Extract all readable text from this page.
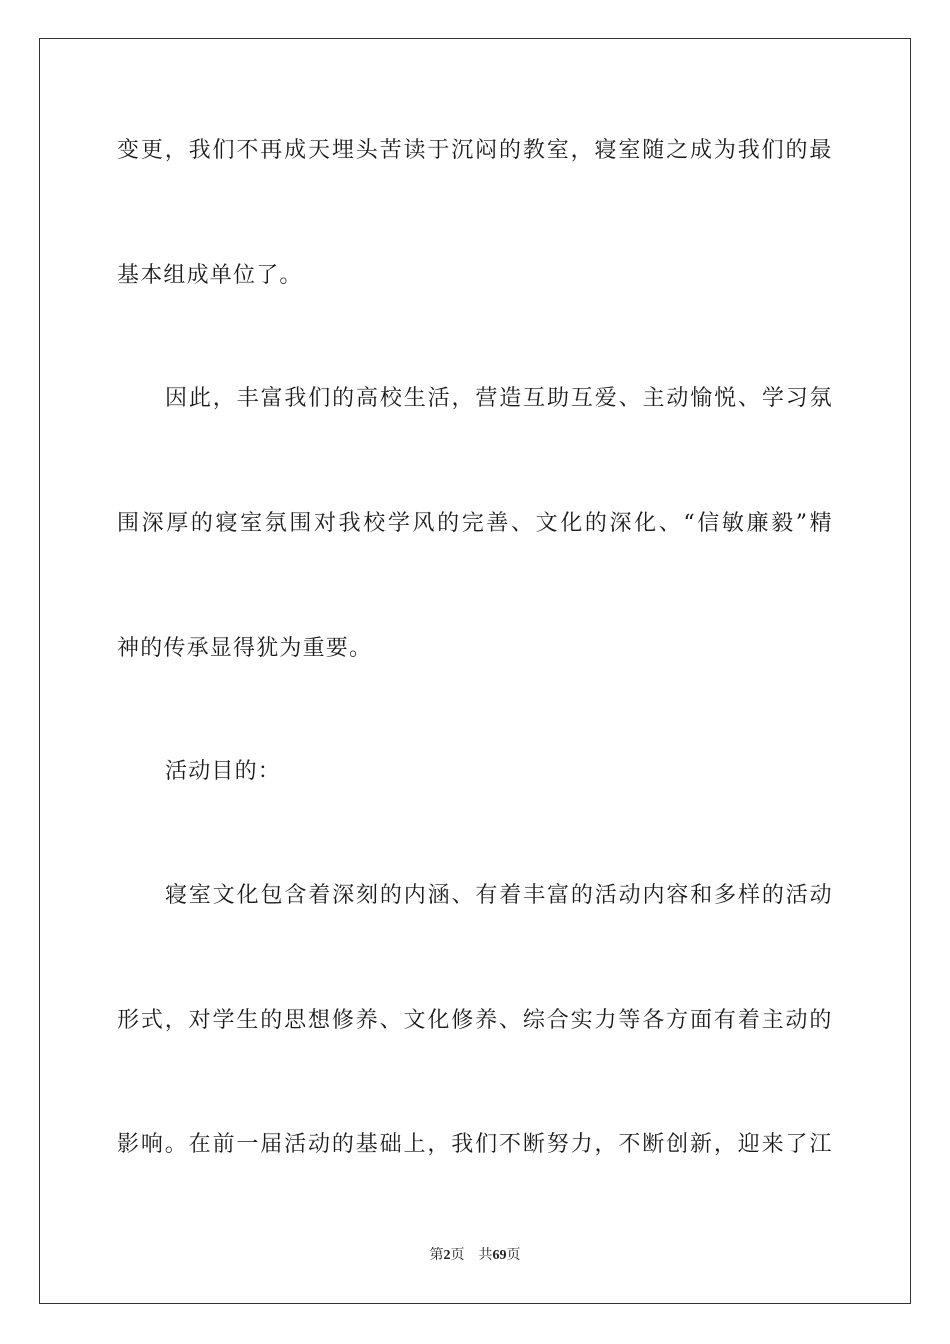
变 更 ， 我 们 不 再 成 天 埋 头 苦 读 于 沉 闷 的 教 室 ， 寝 室 随 之 成 为 我 们 的 最
基本组成单位了。
因 此 ， 丰 富 我 们 的 高 校 生 活 ， 营 造 互 助 互 爱 、 主 动 愉 悦 、 学 习 氛
围 深 厚 的 寝 室 氛 围 对 我 校 学 风 的 完 善 、 文 化 的 深 化 、 “ 信 敏 廉 毅 ” 精
神的传承显得犹为重要。
活动目的：
寝 室 文 化 包 含 着 深 刻 的 内 涵 、 有 着 丰 富 的 活 动 内 容 和 多 样 的 活 动
形 式 ， 对 学 生 的 思 想 修 养 、 文 化 修 养 、 综 合 实 力 等 各 方 面 有 着 主 动 的
影 响 。 在 前 一 届 活 动 的 基 础 上 ， 我 们 不 断 努 力 ， 不 断 创 新 ， 迎 来 了 江
第2页 共69页
